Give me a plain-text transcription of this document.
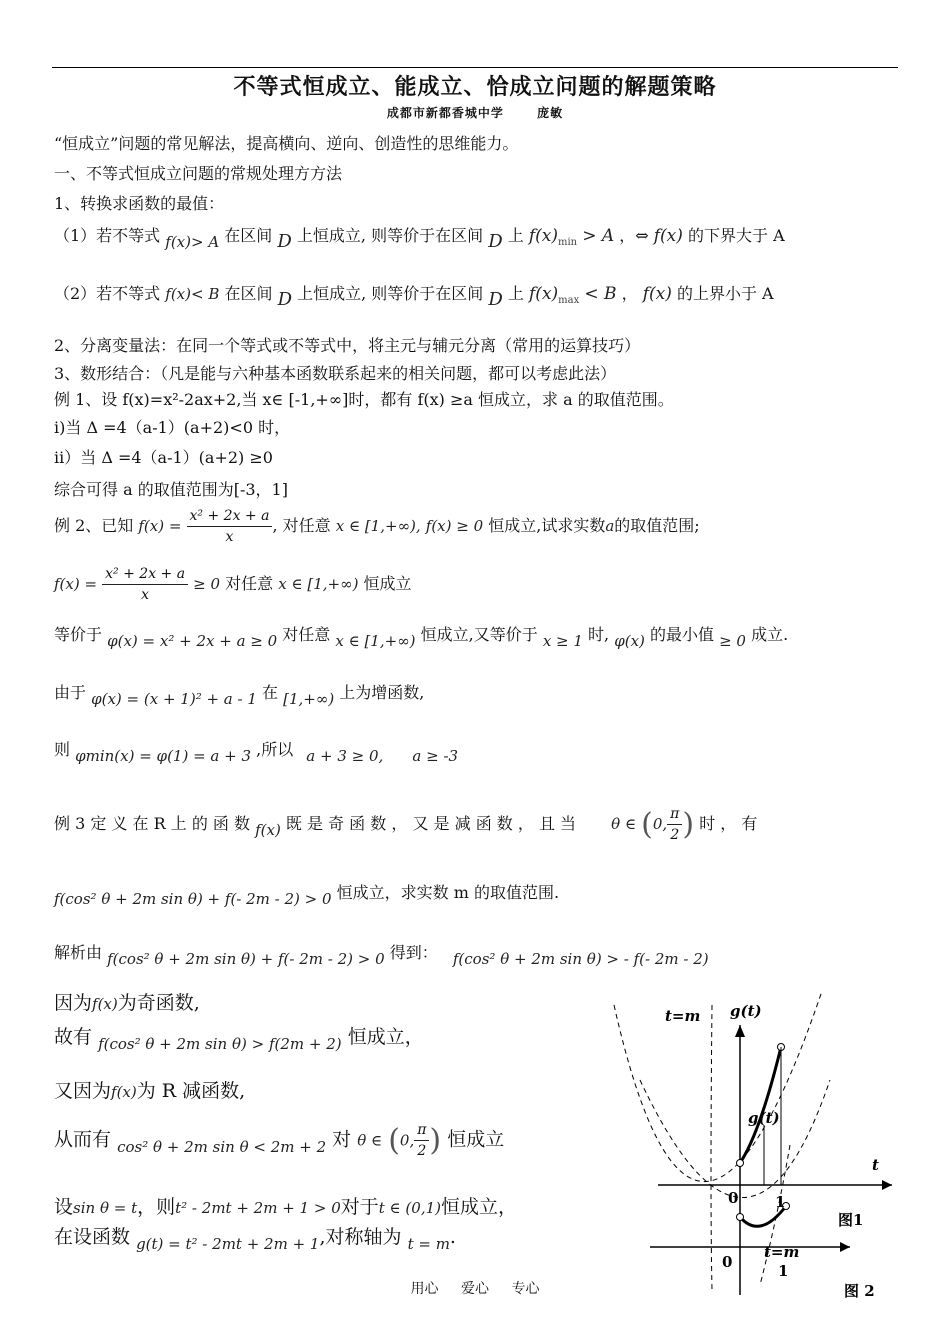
不等式恒成立、能成立、恰成立问题的解题策略
成都市新都香城中学	庞敏
“恒成立”问题的常见解法，提高横向、逆向、创造性的思维能力。
一、不等式恒成立问题的常规处理方方法
1、转换求函数的最值：
（1）若不等式 f(x)> A 在区间 D 上恒成立, 则等价于在区间 D 上 $f(x)_{min} > A$ ，⇔ f(x) 的下界大于 A
（2）若不等式 f(x)< B 在区间 D 上恒成立, 则等价于在区间 D 上 $f(x)_{max} < B$ ， f(x) 的上界小于 A
2、分离变量法：在同一个等式或不等式中，将主元与辅元分离（常用的运算技巧）
3、数形结合：（凡是能与六种基本函数联系起来的相关问题，都可以考虑此法）
例 1、设 f(x)=x²-2ax+2,当 x∈ [-1,+∞]时，都有 f(x) ≥a 恒成立，求 a 的取值范围。
ⅰ)当 Δ =4（a-1）(a+2)<0 时，
ⅱ）当 Δ =4（a-1）(a+2) ≥0
综合可得 a 的取值范围为[-3，1]
例 2、已知 $f(x) = \frac{\text{x² + 2x + a}}{x}$ , 对任意 x ∈ [1,+∞), f(x) ≥ 0 恒成立,试求实数a的取值范围;
$f(x) = \frac{\text{x² + 2x + a}}{x} \ge 0$ 对任意 x ∈ [1,+∞) 恒成立
等价于 φ(x) = x² + 2x + a ≥ 0 对任意 x ∈ [1,+∞) 恒成立,又等价于 x ≥ 1 时, φ(x) 的最小值 ≥ 0 成立.
由于 φ(x) = (x + 1)² + a - 1 在 [1,+∞) 上为增函数,
则 φmin(x) = φ(1) = a + 3 ,所以 a + 3 ≥ 0, a ≥ -3
例 3 定 义 在 R 上 的 函 数 f(x) 既 是 奇 函 数 ， 又 是 减 函 数 ， 且 当 θ ∈ (0, $\frac{\pi}{2}$ ) 时 ， 有
f(cos² θ + 2m sin θ) + f(- 2m - 2) > 0 恒成立，求实数 m 的取值范围.
解析由 f(cos² θ + 2m sin θ) + f(- 2m - 2) > 0 得到： f(cos² θ + 2m sin θ) > - f(- 2m - 2)
因为f(x)为奇函数,
故有 $_{f(cos^2 \theta + 2m sin \theta) > f(2m + 2)}$ 恒成立，
又因为f(x)为 R 减函数,
从而有 $_{cos^2 \theta + 2m sin \theta < 2m + 2}$ 对 θ ∈ (0, $\frac{\pi}{2}$ ) 恒成立
设sin θ = t，则t² - 2mt + 2m + 1 > 0对于t ∈ (0,1)恒成立，
在设函数 $_{g(t) = t^2 - 2mt + 2m + 1}$,对称轴为 $_{t = m}$.
t=m g(t)
g(t)
t
0 1
图1
0
t=m
1
图 2
用心 爱心 专心
